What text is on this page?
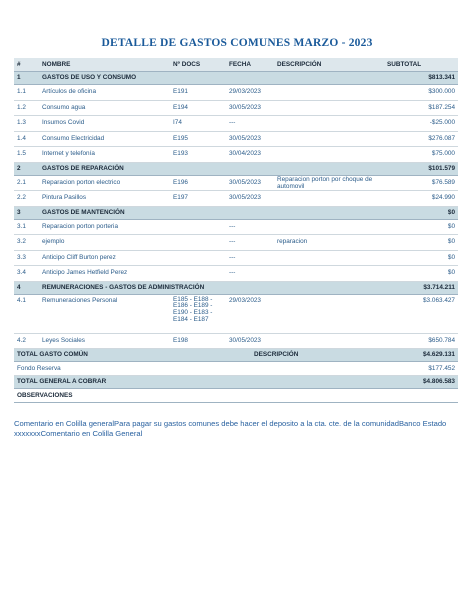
DETALLE DE GASTOS COMUNES MARZO - 2023
#	NOMBRE	Nº DOCS	FECHA	DESCRIPCIÓN	SUBTOTAL
1	GASTOS DE USO Y CONSUMO				$813.341
1.1	Artículos de oficina	E191	29/03/2023		$300.000
1.2	Consumo agua	E194	30/05/2023		$187.254
1.3	Insumos Covid	I74	---		-$25.000
1.4	Consumo Electricidad	E195	30/05/2023		$276.087
1.5	Internet y telefonía	E193	30/04/2023		$75.000
2	GASTOS DE REPARACIÓN				$101.579
2.1	Reparacion porton electrico	E196	30/05/2023	Reparacion porton por choque de automovil	$76.589
2.2	Pintura Pasillos	E197	30/05/2023		$24.990
3	GASTOS DE MANTENCIÓN				$0
3.1	Reparacion porton porteria		---		$0
3.2	ejemplo		---	reparacion	$0
3.3	Anticipo Cliff Burton perez		---		$0
3.4	Anticipo James Hetfield Perez		---		$0
4	REMUNERACIONES - GASTOS DE ADMINISTRACIÓN				$3.714.211
4.1	Remuneraciones Personal	E185 - E188 -
E186 - E189 -
E190 - E183 -
E184 - E187	29/03/2023		$3.063.427
4.2	Leyes Sociales	E198	30/05/2023		$650.784
TOTAL GASTO COMÚN			DESCRIPCIÓN		$4.629.131
Fondo Reserva					$177.452
TOTAL GENERAL A COBRAR					$4.806.583
OBSERVACIONES					
Comentario en Colilla generalPara pagar su gastos comunes debe hacer el deposito a la cta. cte. de la comunidadBanco Estado xxxxxxxComentario en Colilla General
